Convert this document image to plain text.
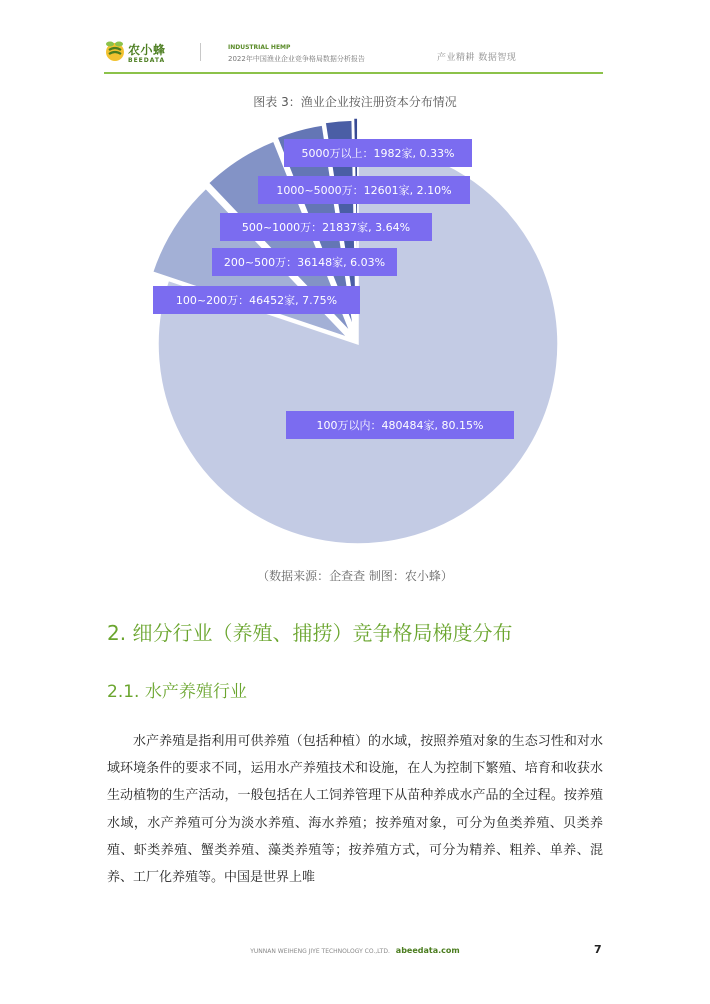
农小蜂
BEEDATA
INDUSTRIAL HEMP
2022年中国渔业企业竞争格局数据分析报告	产业精耕 数据智现
图表 3：渔业企业按注册资本分布情况
100万以内：480484家, 80.15%
100~200万：46452家, 7.75%
200~500万：36148家, 6.03%
500~1000万：21837家, 3.64%
1000~5000万：12601家, 2.10%
5000万以上：1982家, 0.33%
（数据来源：企查查 制图：农小蜂）
2. 细分行业（养殖、捕捞）竞争格局梯度分布
2.1. 水产养殖行业

水产养殖是指利用可供养殖（包括种植）的水域，按照养殖对象的生态习性和对水域环境条件的要求不同，运用水产养殖技术和设施，在人为控制下繁殖、培育和收获水生动植物的生产活动，一般包括在人工饲养管理下从苗种养成水产品的全过程。按养殖水域，水产养殖可分为淡水养殖、海水养殖；按养殖对象，可分为鱼类养殖、贝类养殖、虾类养殖、蟹类养殖、藻类养殖等；按养殖方式，可分为精养、粗养、单养、混养、工厂化养殖等。中国是世界上唯

YUNNAN WEIHENG JIYE TECHNOLOGY CO.,LTD. abeedata.com	7
